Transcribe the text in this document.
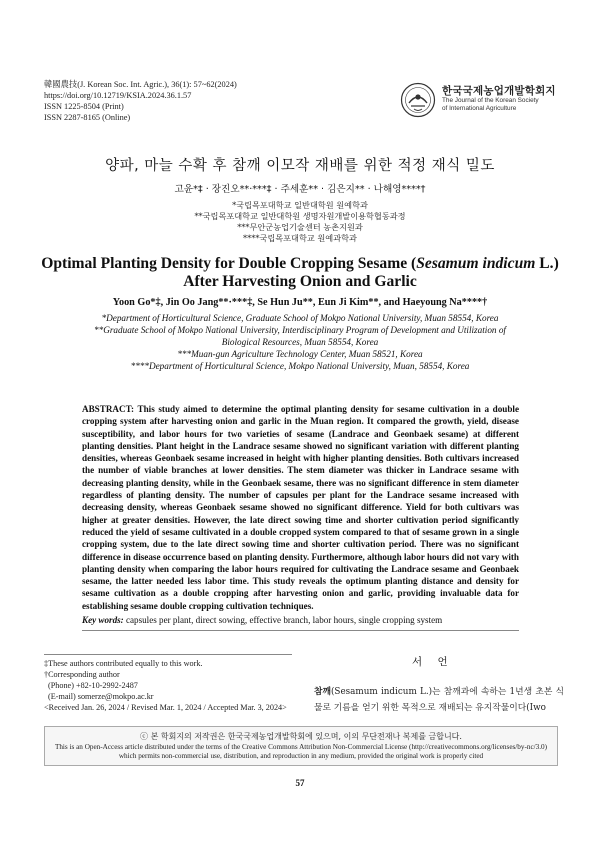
韓國農技(J. Korean Soc. Int. Agric.), 36(1): 57~62(2024)
https://doi.org/10.12719/KSIA.2024.36.1.57
ISSN 1225-8504 (Print)
ISSN 2287-8165 (Online)
한국국제농업개발학회지
The Journal of the Korean Society
of International Agriculture
양파, 마늘 수확 후 참깨 이모작 재배를 위한 적정 재식 밀도
고윤*‡ · 장진오**·***‡ · 주세훈** · 김은지** · 나해영****†
*국립목포대학교 일반대학원 원예학과
**국립목포대학교 일반대학원 생명자원개발이용학협동과정
***무안군농업기술센터 농촌지원과
****국립목포대학교 원예과학과
Optimal Planting Density for Double Cropping Sesame (Sesamum indicum L.)
After Harvesting Onion and Garlic
Yoon Go*‡, Jin Oo Jang**·***‡, Se Hun Ju**, Eun Ji Kim**, and Haeyoung Na****†
*Department of Horticultural Science, Graduate School of Mokpo National University, Muan 58554, Korea
**Graduate School of Mokpo National University, Interdisciplinary Program of Development and Utilization of
Biological Resources, Muan 58554, Korea
***Muan-gun Agriculture Technology Center, Muan 58521, Korea
****Department of Horticultural Science, Mokpo National University, Muan, 58554, Korea
ABSTRACT: This study aimed to determine the optimal planting density for sesame cultivation in a double cropping system after harvesting onion and garlic in the Muan region. It compared the growth, yield, disease susceptibility, and labor hours for two varieties of sesame (Landrace and Geonbaek sesame) at different planting densities. Plant height in the Landrace sesame showed no significant variation with different planting densities, whereas Geonbaek sesame increased in height with higher planting densities. Both cultivars increased the number of viable branches at lower densities. The stem diameter was thicker in Landrace sesame with decreasing planting density, while in the Geonbaek sesame, there was no significant difference in stem diameter regardless of planting density. The number of capsules per plant for the Landrace sesame increased with decreasing density, whereas Geonbaek sesame showed no significant difference. Yield for both cultivars was higher at greater densities. However, the late direct sowing time and shorter cultivation period significantly reduced the yield of sesame cultivated in a double cropped system compared to that of sesame grown in a single cropping system, due to the late direct sowing time and shorter cultivation period. There was no significant difference in disease occurrence based on planting density. Furthermore, although labor hours did not vary with planting density when comparing the labor hours required for cultivating the Landrace sesame and Geonbaek sesame, the latter needed less labor time. This study reveals the optimum planting distance and density for sesame cultivation as a double cropping after harvesting onion and garlic, providing invaluable data for establishing sesame double cropping cultivation techniques.
Key words: capsules per plant, direct sowing, effective branch, labor hours, single cropping system
‡These authors contributed equally to this work.
†Corresponding author
(Phone) +82-10-2992-2487
(E-mail) somerze@mokpo.ac.kr
<Received Jan. 26, 2024 / Revised Mar. 1, 2024 / Accepted Mar. 3, 2024>
서 언
참깨(Sesamum indicum L.)는 참깨과에 속하는 1년생 초본 식물로 기름을 얻기 위한 목적으로 재배되는 유지작물이다(Iwo
ⓒ 본 학회지의 저작권은 한국국제농업개발학회에 있으며, 이의 무단전재나 복제를 금합니다.
This is an Open-Access article distributed under the terms of the Creative Commons Attribution Non-Commercial License (http://creativecommons.org/licenses/by-nc/3.0) which permits non-commercial use, distribution, and reproduction in any medium, provided the original work is properly cited
57
